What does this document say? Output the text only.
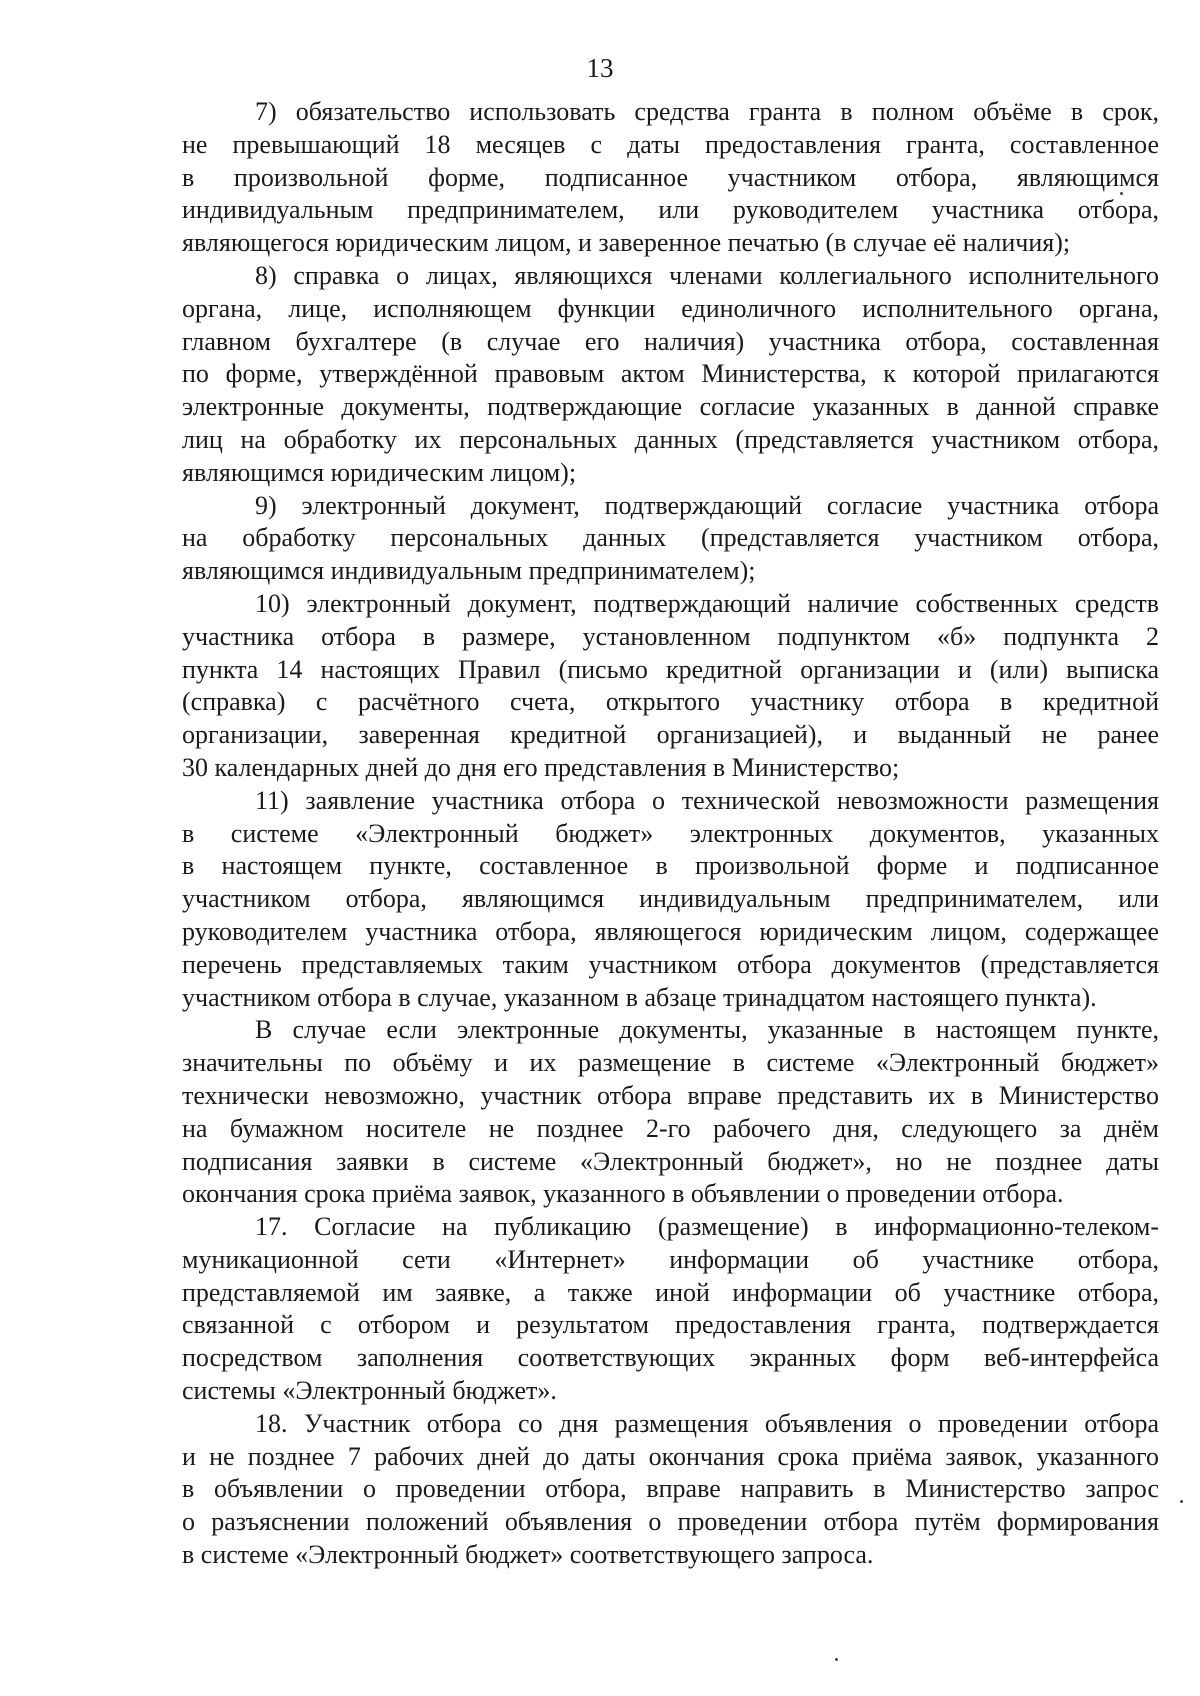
13
7) обязательство использовать средства гранта в полном объёме в срок,
не превышающий 18 месяцев с даты предоставления гранта, составленное
в произвольной форме, подписанное участником отбора, являющимся
индивидуальным предпринимателем, или руководителем участника отбора,
являющегося юридическим лицом, и заверенное печатью (в случае её наличия);
8) справка о лицах, являющихся членами коллегиального исполнительного
органа, лице, исполняющем функции единоличного исполнительного органа,
главном бухгалтере (в случае его наличия) участника отбора, составленная
по форме, утверждённой правовым актом Министерства, к которой прилагаются
электронные документы, подтверждающие согласие указанных в данной справке
лиц на обработку их персональных данных (представляется участником отбора,
являющимся юридическим лицом);
9) электронный документ, подтверждающий согласие участника отбора
на обработку персональных данных (представляется участником отбора,
являющимся индивидуальным предпринимателем);
10) электронный документ, подтверждающий наличие собственных средств
участника отбора в размере, установленном подпунктом «б» подпункта 2
пункта 14 настоящих Правил (письмо кредитной организации и (или) выписка
(справка) с расчётного счета, открытого участнику отбора в кредитной
организации, заверенная кредитной организацией), и выданный не ранее
30 календарных дней до дня его представления в Министерство;
11) заявление участника отбора о технической невозможности размещения
в системе «Электронный бюджет» электронных документов, указанных
в настоящем пункте, составленное в произвольной форме и подписанное
участником отбора, являющимся индивидуальным предпринимателем, или
руководителем участника отбора, являющегося юридическим лицом, содержащее
перечень представляемых таким участником отбора документов (представляется
участником отбора в случае, указанном в абзаце тринадцатом настоящего пункта).
В случае если электронные документы, указанные в настоящем пункте,
значительны по объёму и их размещение в системе «Электронный бюджет»
технически невозможно, участник отбора вправе представить их в Министерство
на бумажном носителе не позднее 2-го рабочего дня, следующего за днём
подписания заявки в системе «Электронный бюджет», но не позднее даты
окончания срока приёма заявок, указанного в объявлении о проведении отбора.
17. Согласие на публикацию (размещение) в информационно-телеком-
муникационной сети «Интернет» информации об участнике отбора,
представляемой им заявке, а также иной информации об участнике отбора,
связанной с отбором и результатом предоставления гранта, подтверждается
посредством заполнения соответствующих экранных форм веб-интерфейса
системы «Электронный бюджет».
18. Участник отбора со дня размещения объявления о проведении отбора
и не позднее 7 рабочих дней до даты окончания срока приёма заявок, указанного
в объявлении о проведении отбора, вправе направить в Министерство запрос
о разъяснении положений объявления о проведении отбора путём формирования
в системе «Электронный бюджет» соответствующего запроса.
